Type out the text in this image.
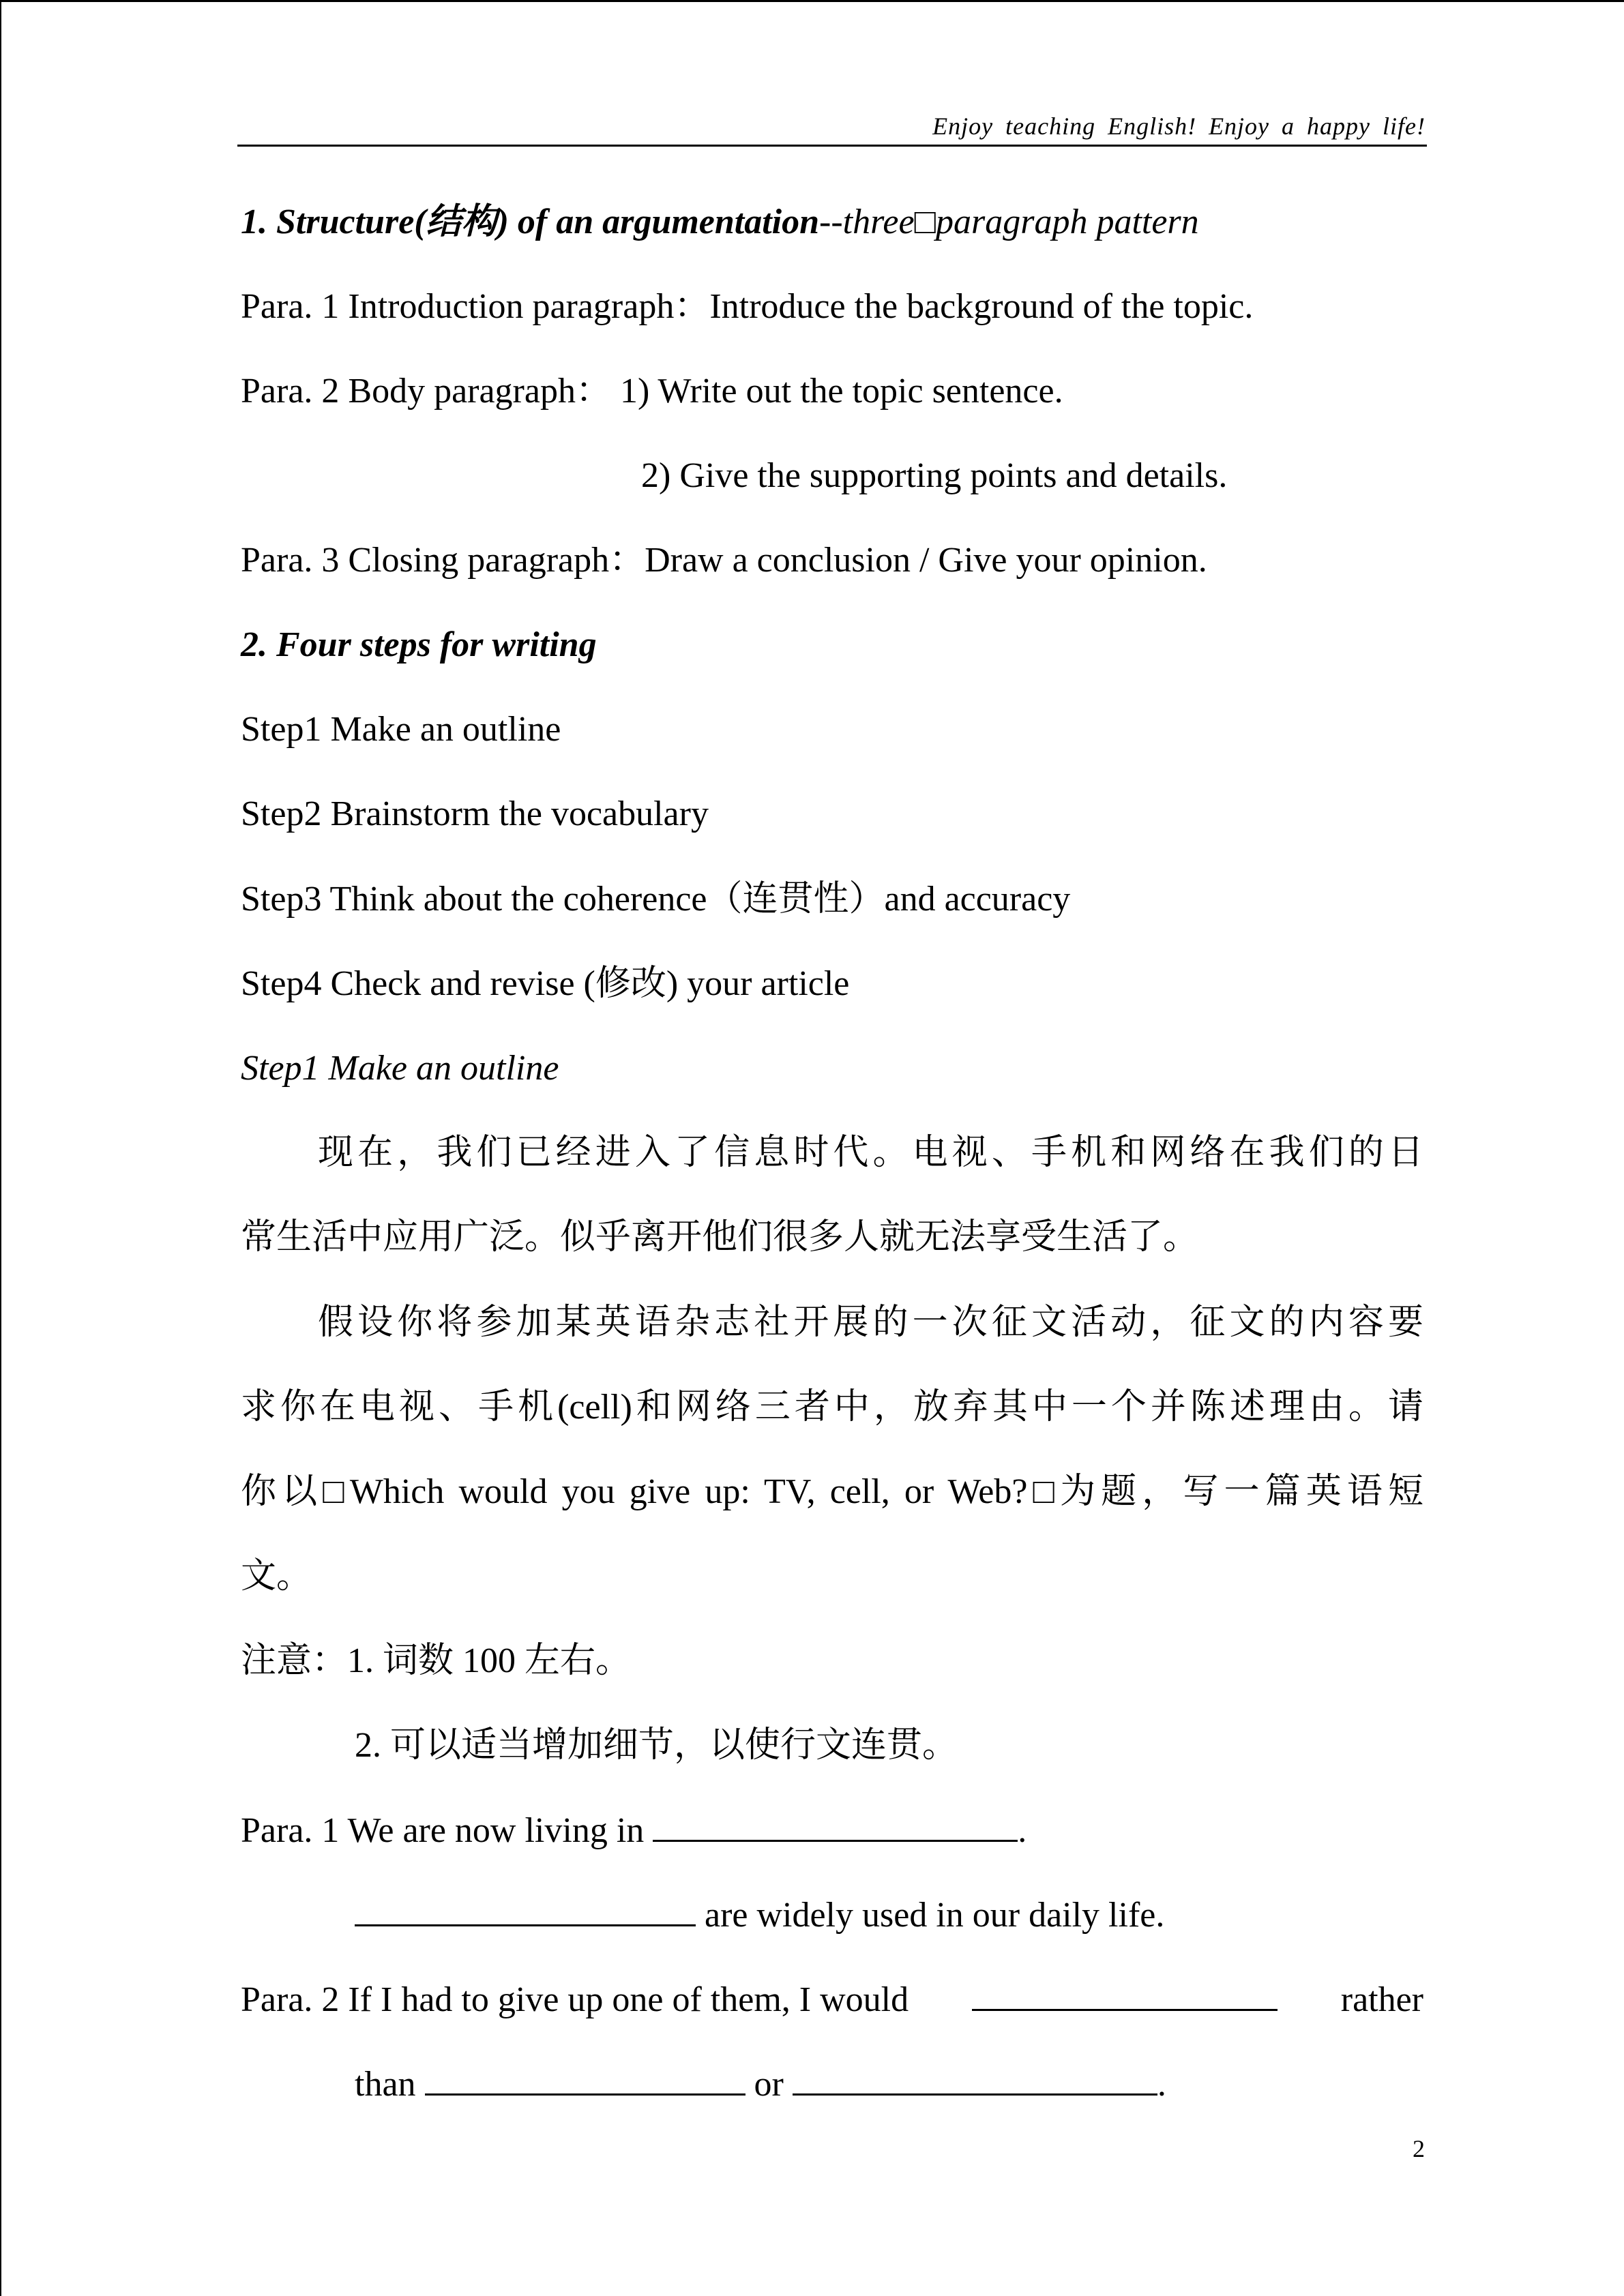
Enjoy teaching English! Enjoy a happy life!
1. Structure(结构) of an argumentation--three□paragraph pattern
Para. 1 Introduction paragraph：Introduce the background of the topic.
Para. 2 Body paragraph： 1) Write out the topic sentence.
2) Give the supporting points and details.
Para. 3 Closing paragraph：Draw a conclusion / Give your opinion.
2. Four steps for writing
Step1 Make an outline
Step2 Brainstorm the vocabulary
Step3 Think about the coherence（连贯性）and accuracy
Step4 Check and revise (修改) your article
Step1 Make an outline
现在，我们已经进入了信息时代。电视、手机和网络在我们的日
常生活中应用广泛。似乎离开他们很多人就无法享受生活了。
假设你将参加某英语杂志社开展的一次征文活动，征文的内容要
求你在电视、手机(cell)和网络三者中，放弃其中一个并陈述理由。请
你以□Which would you give up: TV, cell, or Web?□为题，写一篇英语短
文。
注意：1. 词数 100 左右。
2. 可以适当增加细节，以使行文连贯。
Para. 1 We are now living in	.
are widely used in our daily life.
Para. 2 If I had to give up one of them, I would	rather
than	or	.
2
